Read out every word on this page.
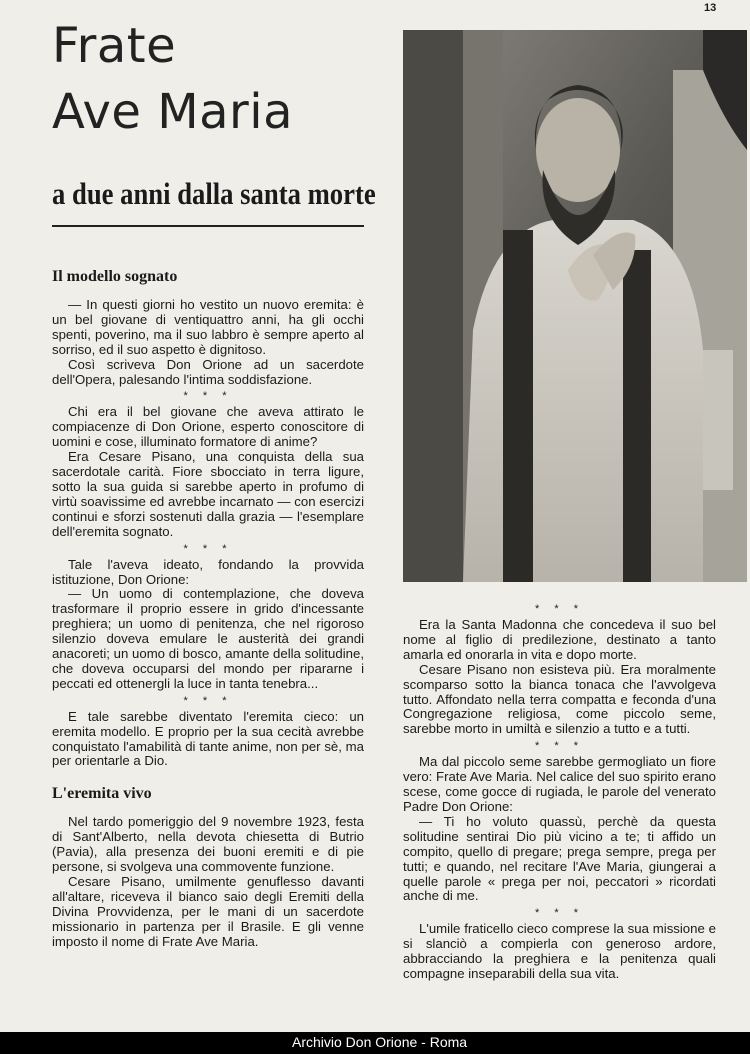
13
Frate
Ave Maria
a due anni dalla santa morte
Il modello sognato

— In questi giorni ho vestito un nuovo eremita: è un bel giovane di ventiquattro anni, ha gli occhi spenti, poverino, ma il suo labbro è sempre aperto al sorriso, ed il suo aspetto è dignitoso.

Così scriveva Don Orione ad un sacerdote dell'Opera, palesando l'intima soddisfazione.

* * *

Chi era il bel giovane che aveva attirato le compiacenze di Don Orione, esperto conoscitore di uomini e cose, illuminato formatore di anime?

Era Cesare Pisano, una conquista della sua sacerdotale carità. Fiore sbocciato in terra ligure, sotto la sua guida si sarebbe aperto in profumo di virtù soavissime ed avrebbe incarnato — con esercizi continui e sforzi sostenuti dalla grazia — l'esemplare dell'eremita sognato.

* * *

Tale l'aveva ideato, fondando la provvida istituzione, Don Orione:

— Un uomo di contemplazione, che doveva trasformare il proprio essere in grido d'incessante preghiera; un uomo di penitenza, che nel rigoroso silenzio doveva emulare le austerità dei grandi anacoreti; un uomo di bosco, amante della solitudine, che doveva occuparsi del mondo per ripararne i peccati ed ottenergli la luce in tanta tenebra...

* * *

E tale sarebbe diventato l'eremita cieco: un eremita modello. E proprio per la sua cecità avrebbe conquistato l'amabilità di tante anime, non per sè, ma per orientarle a Dio.

L'eremita vivo

Nel tardo pomeriggio del 9 novembre 1923, festa di Sant'Alberto, nella devota chiesetta di Butrio (Pavia), alla presenza dei buoni eremiti e di pie persone, si svolgeva una commovente funzione.

Cesare Pisano, umilmente genuflesso davanti all'altare, riceveva il bianco saio degli Eremiti della Divina Provvidenza, per le mani di un sacerdote missionario in partenza per il Brasile. E gli venne imposto il nome di Frate Ave Maria.

* * *

Era la Santa Madonna che concedeva il suo bel nome al figlio di predilezione, destinato a tanto amarla ed onorarla in vita e dopo morte.

Cesare Pisano non esisteva più. Era moralmente scomparso sotto la bianca tonaca che l'avvolgeva tutto. Affondato nella terra compatta e feconda d'una Congregazione religiosa, come piccolo seme, sarebbe morto in umiltà e silenzio a tutto e a tutti.

* * *

Ma dal piccolo seme sarebbe germogliato un fiore vero: Frate Ave Maria. Nel calice del suo spirito erano scese, come gocce di rugiada, le parole del venerato Padre Don Orione:

— Ti ho voluto quassù, perchè da questa solitudine sentirai Dio più vicino a te; ti affido un compito, quello di pregare; prega sempre, prega per tutti; e quando, nel recitare l'Ave Maria, giungerai a quelle parole « prega per noi, peccatori » ricordati anche di me.

* * *

L'umile fraticello cieco comprese la sua missione e si slanciò a compierla con generoso ardore, abbracciando la preghiera e la penitenza quali compagne inseparabili della sua vita.

Archivio Don Orione - Roma
